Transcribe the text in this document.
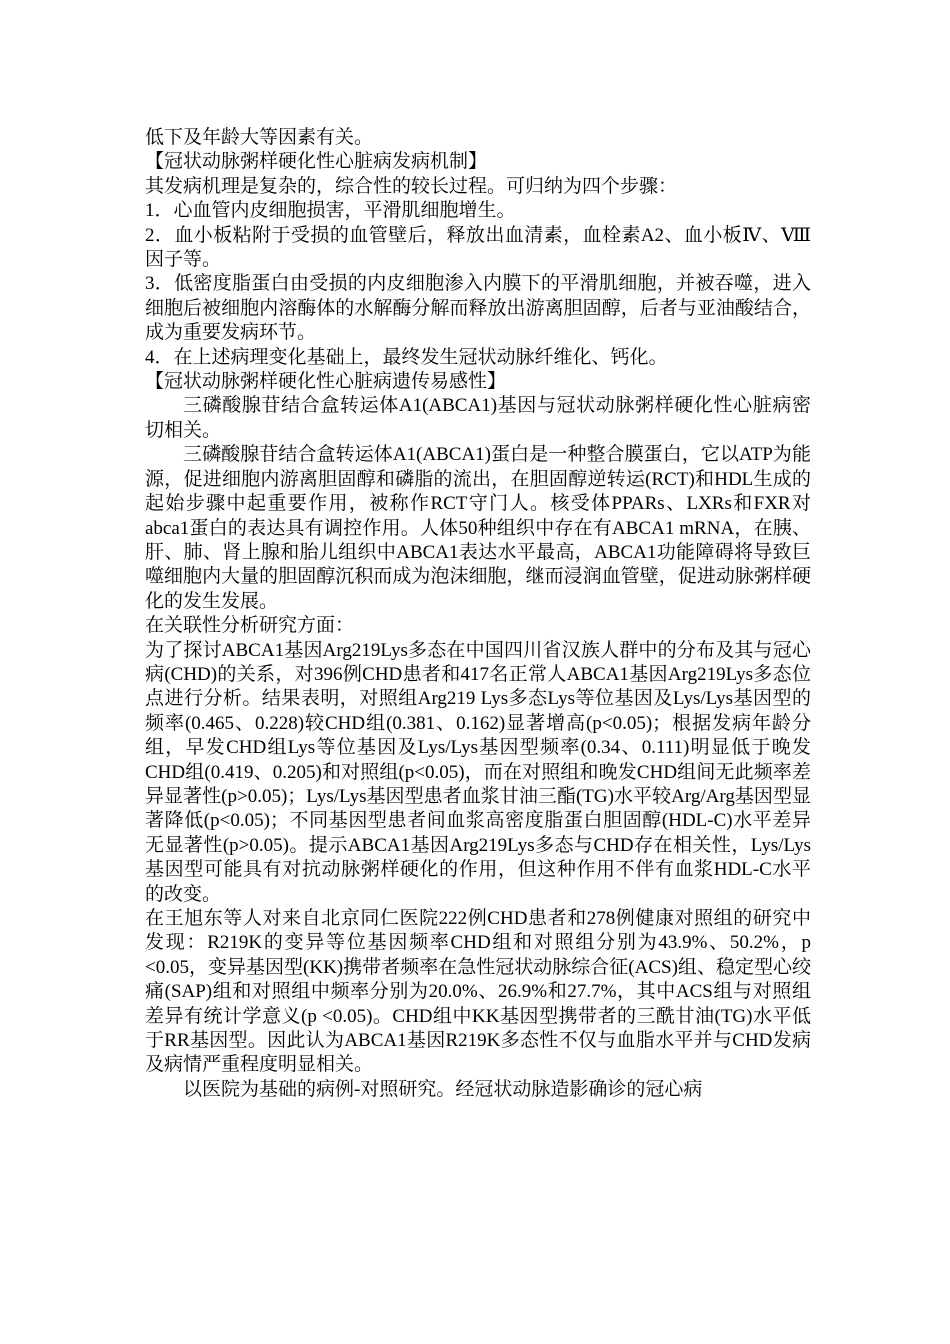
低下及年龄大等因素有关。

【冠状动脉粥样硬化性心脏病发病机制】

其发病机理是复杂的，综合性的较长过程。可归纳为四个步骤：

1．心血管内皮细胞损害，平滑肌细胞增生。

2．血小板粘附于受损的血管壁后，释放出血清素，血栓素A2、血小板Ⅳ、Ⅷ因子等。

3．低密度脂蛋白由受损的内皮细胞渗入内膜下的平滑肌细胞，并被吞噬，进入细胞后被细胞内溶酶体的水解酶分解而释放出游离胆固醇，后者与亚油酸结合，成为重要发病环节。

4．在上述病理变化基础上，最终发生冠状动脉纤维化、钙化。

【冠状动脉粥样硬化性心脏病遗传易感性】

三磷酸腺苷结合盒转运体A1(ABCA1)基因与冠状动脉粥样硬化性心脏病密切相关。

三磷酸腺苷结合盒转运体A1(ABCA1)蛋白是一种整合膜蛋白，它以ATP为能源，促进细胞内游离胆固醇和磷脂的流出，在胆固醇逆转运(RCT)和HDL生成的起始步骤中起重要作用，被称作RCT守门人。核受体PPARs、LXRs和FXR对abca1蛋白的表达具有调控作用。人体50种组织中存在有ABCA1 mRNA，在胰、肝、肺、肾上腺和胎儿组织中ABCA1表达水平最高，ABCA1功能障碍将导致巨噬细胞内大量的胆固醇沉积而成为泡沫细胞，继而浸润血管壁，促进动脉粥样硬化的发生发展。

在关联性分析研究方面：

为了探讨ABCA1基因Arg219Lys多态在中国四川省汉族人群中的分布及其与冠心病(CHD)的关系，对396例CHD患者和417名正常人ABCA1基因Arg219Lys多态位点进行分析。结果表明，对照组Arg219 Lys多态Lys等位基因及Lys/Lys基因型的频率(0.465、0.228)较CHD组(0.381、0.162)显著增高(p<0.05)；根据发病年龄分组，早发CHD组Lys等位基因及Lys/Lys基因型频率(0.34、0.111)明显低于晚发CHD组(0.419、0.205)和对照组(p<0.05)，而在对照组和晚发CHD组间无此频率差异显著性(p>0.05)；Lys/Lys基因型患者血浆甘油三酯(TG)水平较Arg/Arg基因型显著降低(p<0.05)；不同基因型患者间血浆高密度脂蛋白胆固醇(HDL-C)水平差异无显著性(p>0.05)。提示ABCA1基因Arg219Lys多态与CHD存在相关性，Lys/Lys基因型可能具有对抗动脉粥样硬化的作用，但这种作用不伴有血浆HDL-C水平的改变。

在王旭东等人对来自北京同仁医院222例CHD患者和278例健康对照组的研究中发现：R219K的变异等位基因频率CHD组和对照组分别为43.9%、50.2%，p <0.05，变异基因型(KK)携带者频率在急性冠状动脉综合征(ACS)组、稳定型心绞痛(SAP)组和对照组中频率分别为20.0%、26.9%和27.7%，其中ACS组与对照组差异有统计学意义(p <0.05)。CHD组中KK基因型携带者的三酰甘油(TG)水平低于RR基因型。因此认为ABCA1基因R219K多态性不仅与血脂水平并与CHD发病及病情严重程度明显相关。

以医院为基础的病例-对照研究。经冠状动脉造影确诊的冠心病
